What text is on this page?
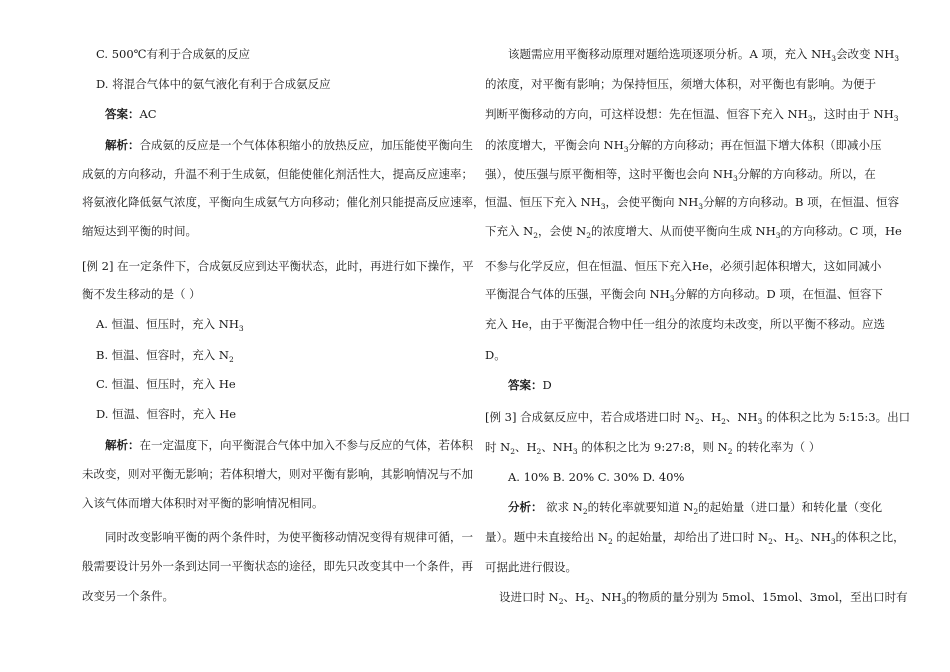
C. 500℃有利于合成氨的反应
D. 将混合气体中的氨气液化有利于合成氨反应
答案：AC
解析：合成氨的反应是一个气体体积缩小的放热反应，加压能使平衡向生
成氨的方向移动，升温不利于生成氨，但能使催化剂活性大，提高反应速率；
将氨液化降低氨气浓度，平衡向生成氨气方向移动；催化剂只能提高反应速率，
缩短达到平衡的时间。
[例 2] 在一定条件下，合成氨反应到达平衡状态，此时，再进行如下操作，平
衡不发生移动的是（ ）
A. 恒温、恒压时，充入 $NH_3$
B. 恒温、恒容时，充入 $N_2$
C. 恒温、恒压时，充入 He
D. 恒温、恒容时，充入 He
解析：在一定温度下，向平衡混合气体中加入不参与反应的气体，若体积
未改变，则对平衡无影响；若体积增大，则对平衡有影响，其影响情况与不加
入该气体而增大体积时对平衡的影响情况相同。
同时改变影响平衡的两个条件时，为使平衡移动情况变得有规律可循，一
般需要设计另外一条到达同一平衡状态的途径，即先只改变其中一个条件，再
改变另一个条件。
该题需应用平衡移动原理对题给选项逐项分析。A 项，充入 $NH_3$会改变 $NH_3$
的浓度，对平衡有影响；为保持恒压，须增大体积，对平衡也有影响。为便于
判断平衡移动的方向，可这样设想：先在恒温、恒容下充入 $NH_3$，这时由于 $NH_3$
的浓度增大，平衡会向 $NH_3$分解的方向移动；再在恒温下增大体积（即减小压
强），使压强与原平衡相等，这时平衡也会向 $NH_3$分解的方向移动。所以，在
恒温、恒压下充入 $NH_3$，会使平衡向 $NH_3$分解的方向移动。B 项，在恒温、恒容
下充入 $N_2$，会使 $N_2$的浓度增大、从而使平衡向生成 $NH_3$的方向移动。C 项，He
不参与化学反应，但在恒温、恒压下充入He，必须引起体积增大，这如同减小
平衡混合气体的压强，平衡会向 $NH_3$分解的方向移动。D 项，在恒温、恒容下
充入 He，由于平衡混合物中任一组分的浓度均未改变，所以平衡不移动。应选
D。
答案：D
[例 3] 合成氨反应中，若合成塔进口时 $N_2$、$H_2$、$NH_3$ 的体积之比为 5:15:3。出口
时 $N_2$、$H_2$、$NH_3$ 的体积之比为 9:27:8，则 $N_2$ 的转化率为（ ）
A. 10% B. 20% C. 30% D. 40%
分析： 欲求 $N_2$的转化率就要知道 $N_2$的起始量（进口量）和转化量（变化
量）。题中未直接给出 $N_2$ 的起始量，却给出了进口时 $N_2$、$H_2$、$NH_3$的体积之比，
可据此进行假设。
设进口时 $N_2$、$H_2$、$NH_3$的物质的量分别为 5mol、15mol、3mol，至出口时有
